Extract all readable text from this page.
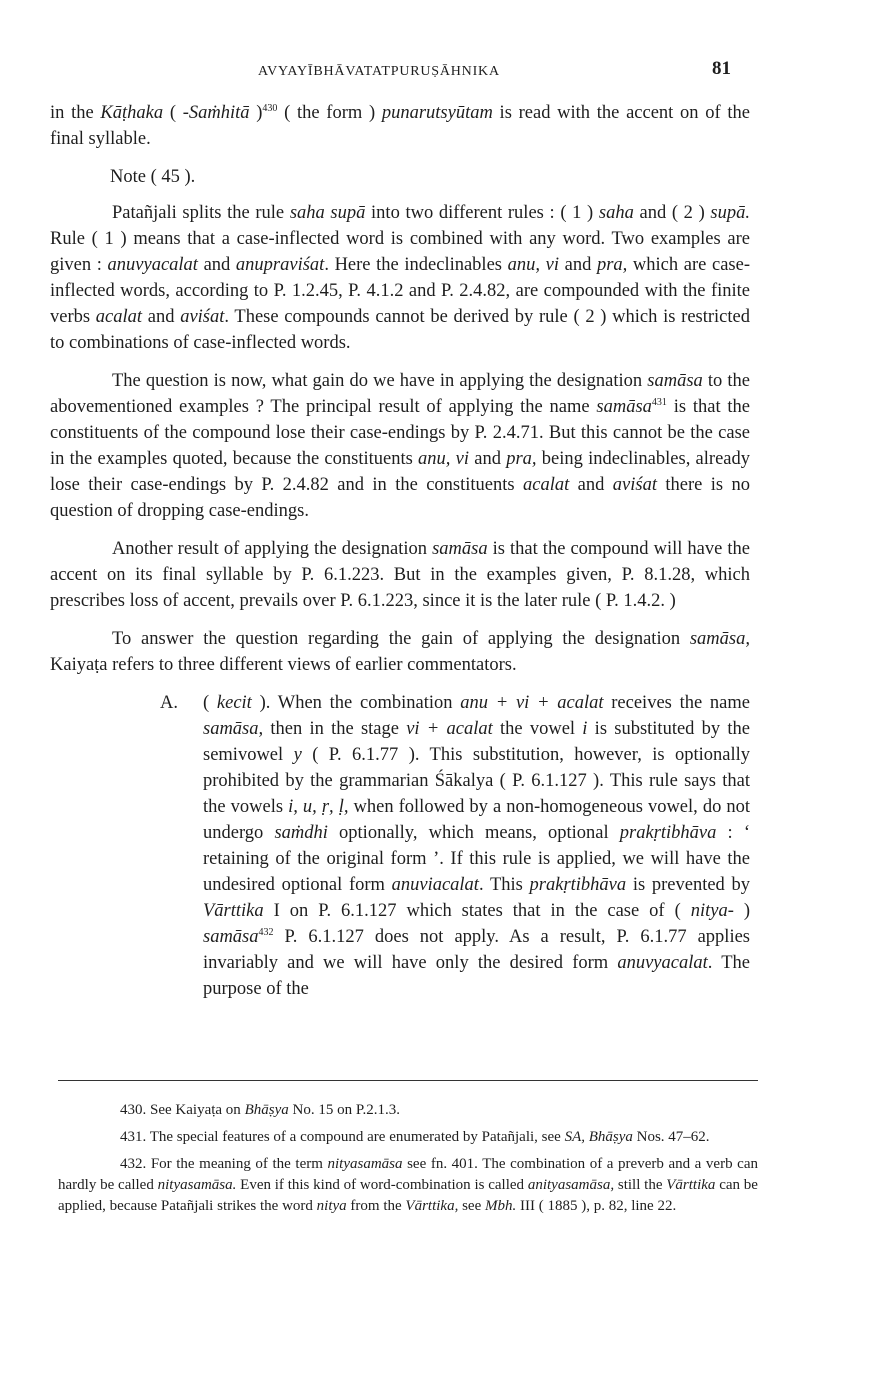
AVYAYĪBHĀVATATPURUṢĀHNIKA	81

in the Kāṭhaka ( -Saṁhitā )$^{430}$ ( the form ) punarutsyūtam is read with the accent on of the final syllable.

Note ( 45 ).

Patañjali splits the rule saha supā into two different rules : ( 1 ) saha and ( 2 ) supā. Rule ( 1 ) means that a case-inflected word is combined with any word. Two examples are given : anuvyacalat and anupraviśat. Here the indeclinables anu, vi and pra, which are case-inflected words, according to P. 1.2.45, P. 4.1.2 and P. 2.4.82, are compounded with the finite verbs acalat and aviśat. These compounds cannot be derived by rule ( 2 ) which is restricted to combinations of case-inflected words.

The question is now, what gain do we have in applying the designation samāsa to the abovementioned examples ? The principal result of applying the name samāsa$^{431}$ is that the constituents of the compound lose their case-endings by P. 2.4.71. But this cannot be the case in the examples quoted, because the constituents anu, vi and pra, being indeclinables, already lose their case-endings by P. 2.4.82 and in the constituents acalat and aviśat there is no question of dropping case-endings.

Another result of applying the designation samāsa is that the compound will have the accent on its final syllable by P. 6.1.223. But in the examples given, P. 8.1.28, which prescribes loss of accent, prevails over P. 6.1.223, since it is the later rule ( P. 1.4.2. )

To answer the question regarding the gain of applying the designation samāsa, Kaiyaṭa refers to three different views of earlier commentators.

A. ( kecit ). When the combination anu + vi + acalat receives the name samāsa, then in the stage vi + acalat the vowel i is substituted by the semivowel y ( P. 6.1.77 ). This substitution, however, is optionally prohibited by the grammarian Śākalya ( P. 6.1.127 ). This rule says that the vowels i, u, ṛ, ḷ, when followed by a non-homogeneous vowel, do not undergo saṁdhi optionally, which means, optional prakṛtibhāva : ‘ retaining of the original form ’. If this rule is applied, we will have the undesired optional form anuviacalat. This prakṛtibhāva is prevented by Vārttika I on P. 6.1.127 which states that in the case of ( nitya- ) samāsa$^{432}$ P. 6.1.127 does not apply. As a result, P. 6.1.77 applies invariably and we will have only the desired form anuvyacalat. The purpose of the

430. See Kaiyaṭa on Bhāṣya No. 15 on P.2.1.3.

431. The special features of a compound are enumerated by Patañjali, see SA, Bhāṣya Nos. 47–62.

432. For the meaning of the term nityasamāsa see fn. 401. The combination of a preverb and a verb can hardly be called nityasamāsa. Even if this kind of word-combination is called anityasamāsa, still the Vārttika can be applied, because Patañjali strikes the word nitya from the Vārttika, see Mbh. III ( 1885 ), p. 82, line 22.
